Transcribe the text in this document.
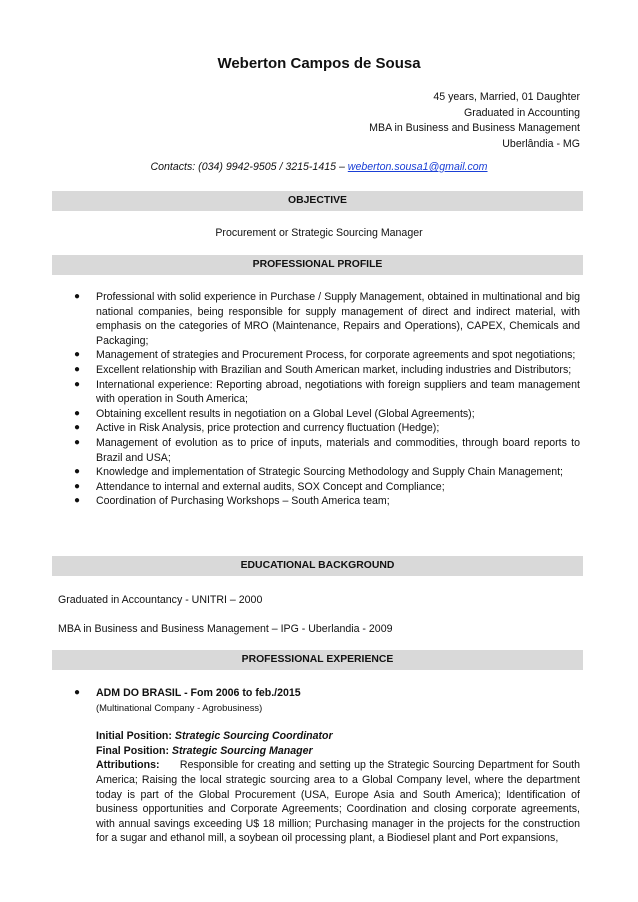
Weberton Campos de Sousa
45 years, Married, 01 Daughter
Graduated in Accounting
MBA in Business and Business Management
Uberlândia - MG
Contacts: (034) 9942-9505 / 3215-1415 – weberton.sousa1@gmail.com
OBJECTIVE
Procurement or Strategic Sourcing Manager
PROFESSIONAL PROFILE
● Professional with solid experience in Purchase / Supply Management, obtained in multinational and big national companies, being responsible for supply management of direct and indirect material, with emphasis on the categories of MRO (Maintenance, Repairs and Operations), CAPEX, Chemicals and Packaging;
● Management of strategies and Procurement Process, for corporate agreements and spot negotiations;
● Excellent relationship with Brazilian and South American market, including industries and Distributors;
● International experience: Reporting abroad, negotiations with foreign suppliers and team management with operation in South America;
● Obtaining excellent results in negotiation on a Global Level (Global Agreements);
● Active in Risk Analysis, price protection and currency fluctuation (Hedge);
● Management of evolution as to price of inputs, materials and commodities, through board reports to Brazil and USA;
● Knowledge and implementation of Strategic Sourcing Methodology and Supply Chain Management;
● Attendance to internal and external audits, SOX Concept and Compliance;
● Coordination of Purchasing Workshops – South America team;
EDUCATIONAL BACKGROUND
Graduated in Accountancy - UNITRI – 2000
MBA in Business and Business Management – IPG - Uberlandia - 2009
PROFESSIONAL EXPERIENCE
● ADM DO BRASIL - Fom 2006 to feb./2015
(Multinational Company - Agrobusiness)
Initial Position: Strategic Sourcing Coordinator
Final Position: Strategic Sourcing Manager
Attributions: Responsible for creating and setting up the Strategic Sourcing Department for South America; Raising the local strategic sourcing area to a Global Company level, where the department today is part of the Global Procurement (USA, Europe Asia and South America); Identification of business opportunities and Corporate Agreements; Coordination and closing corporate agreements, with annual savings exceeding U$ 18 million; Purchasing manager in the projects for the construction for a sugar and ethanol mill, a soybean oil processing plant, a Biodiesel plant and Port expansions,
